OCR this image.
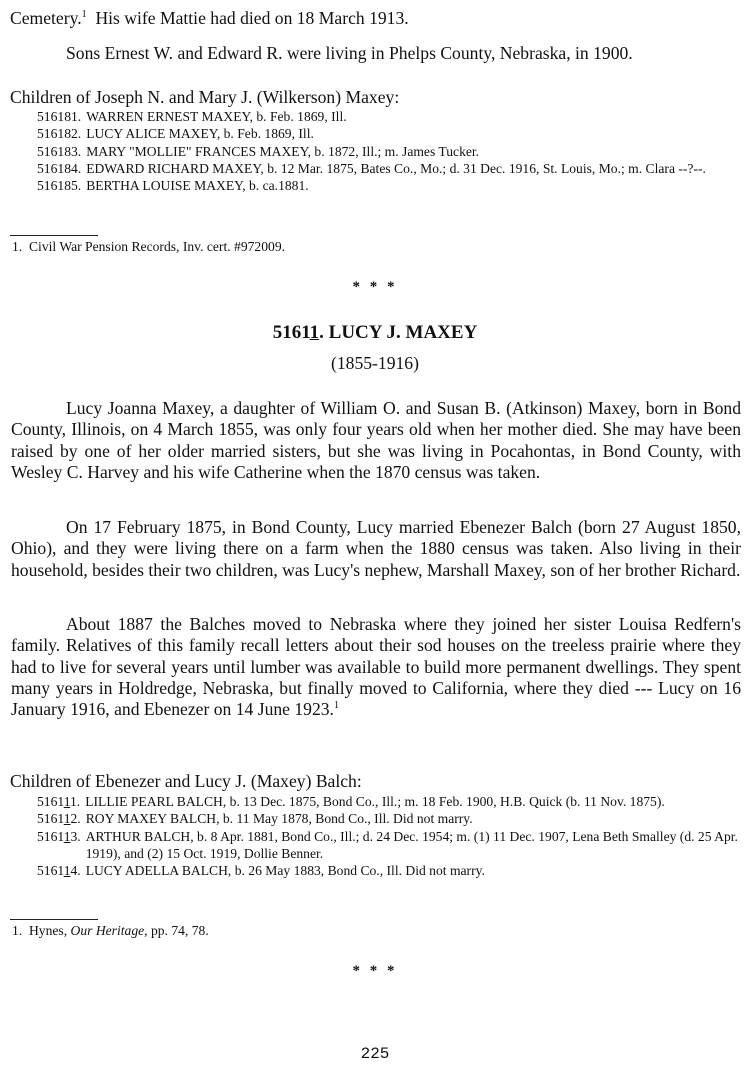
Cemetery.$^1$  His wife Mattie had died on 18 March 1913.
Sons Ernest W. and Edward R. were living in Phelps County, Nebraska, in 1900.
Children of Joseph N. and Mary J. (Wilkerson) Maxey:
516181. WARREN ERNEST MAXEY, b. Feb. 1869, Ill.
516182. LUCY ALICE MAXEY, b. Feb. 1869, Ill.
516183. MARY "MOLLIE" FRANCES MAXEY, b. 1872, Ill.; m. James Tucker.
516184. EDWARD RICHARD MAXEY, b. 12 Mar. 1875, Bates Co., Mo.; d. 31 Dec. 1916, St. Louis, Mo.; m. Clara --?--.
516185. BERTHA LOUISE MAXEY, b. ca.1881.
1.  Civil War Pension Records, Inv. cert. #972009.
* * *
51611. LUCY J. MAXEY
(1855-1916)
Lucy Joanna Maxey, a daughter of William O. and Susan B. (Atkinson) Maxey, born in Bond County, Illinois, on 4 March 1855, was only four years old when her mother died. She may have been raised by one of her older married sisters, but she was living in Pocahontas, in Bond County, with Wesley C. Harvey and his wife Catherine when the 1870 census was taken.
On 17 February 1875, in Bond County, Lucy married Ebenezer Balch (born 27 August 1850, Ohio), and they were living there on a farm when the 1880 census was taken. Also living in their household, besides their two children, was Lucy's nephew, Marshall Maxey, son of her brother Richard.
About 1887 the Balches moved to Nebraska where they joined her sister Louisa Redfern's family. Relatives of this family recall letters about their sod houses on the treeless prairie where they had to live for several years until lumber was available to build more permanent dwellings. They spent many years in Holdredge, Nebraska, but finally moved to California, where they died --- Lucy on 16 January 1916, and Ebenezer on 14 June 1923.$^1$
Children of Ebenezer and Lucy J. (Maxey) Balch:
516111. LILLIE PEARL BALCH, b. 13 Dec. 1875, Bond Co., Ill.; m. 18 Feb. 1900, H.B. Quick (b. 11 Nov. 1875).
516112. ROY MAXEY BALCH, b. 11 May 1878, Bond Co., Ill. Did not marry.
516113. ARTHUR BALCH, b. 8 Apr. 1881, Bond Co., Ill.; d. 24 Dec. 1954; m. (1) 11 Dec. 1907, Lena Beth Smalley (d. 25 Apr. 1919), and (2) 15 Oct. 1919, Dollie Benner.
516114. LUCY ADELLA BALCH, b. 26 May 1883, Bond Co., Ill. Did not marry.
1.  Hynes, Our Heritage, pp. 74, 78.
* * *
225
